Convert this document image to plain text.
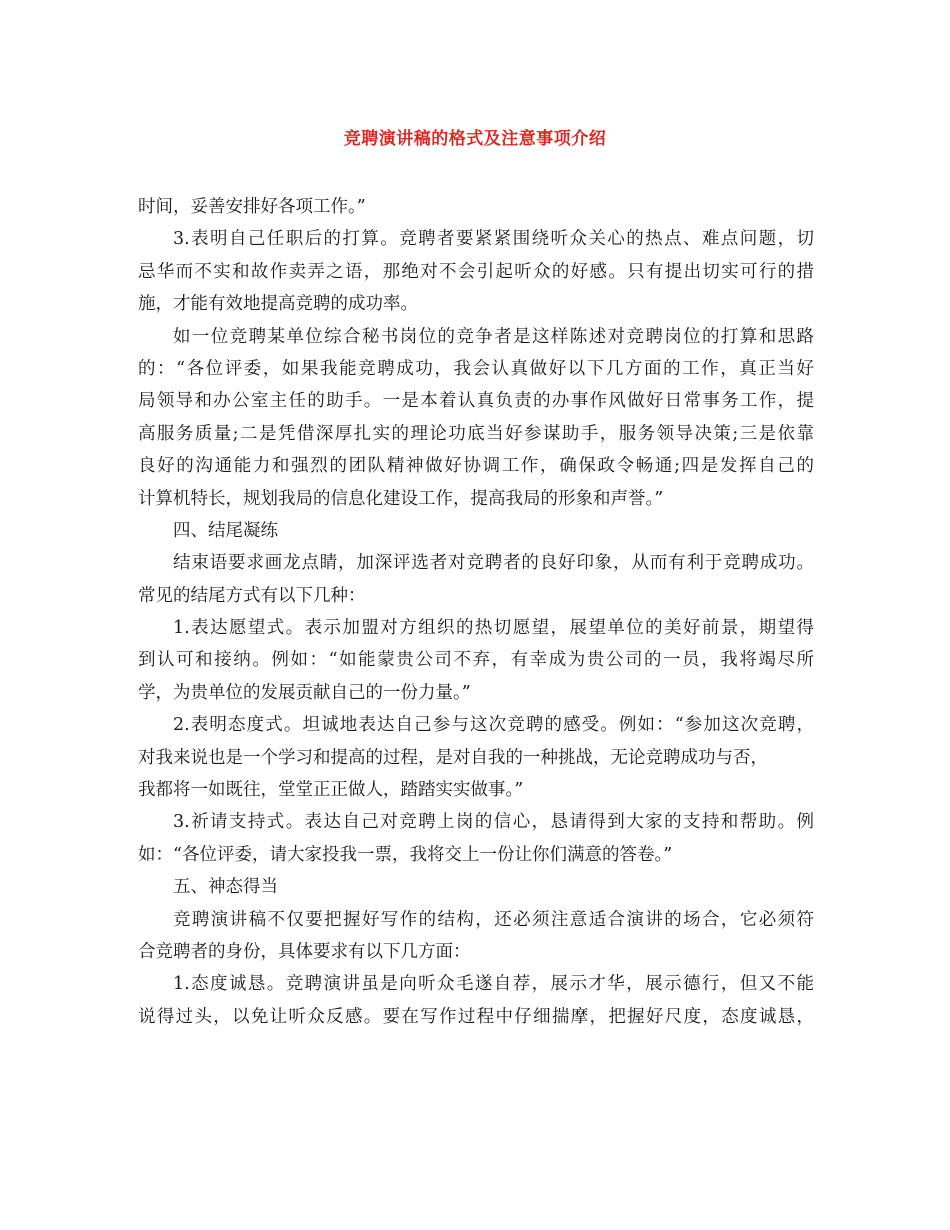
竞聘演讲稿的格式及注意事项介绍
时间，妥善安排好各项工作。”
3.表明自己任职后的打算。竞聘者要紧紧围绕听众关心的热点、难点问题，切
忌华而不实和故作卖弄之语，那绝对不会引起听众的好感。只有提出切实可行的措
施，才能有效地提高竞聘的成功率。
如一位竞聘某单位综合秘书岗位的竞争者是这样陈述对竞聘岗位的打算和思路
的：“各位评委，如果我能竞聘成功，我会认真做好以下几方面的工作，真正当好
局领导和办公室主任的助手。一是本着认真负责的办事作风做好日常事务工作，提
高服务质量;二是凭借深厚扎实的理论功底当好参谋助手，服务领导决策;三是依靠
良好的沟通能力和强烈的团队精神做好协调工作，确保政令畅通;四是发挥自己的
计算机特长，规划我局的信息化建设工作，提高我局的形象和声誉。”
四、结尾凝练
结束语要求画龙点睛，加深评选者对竞聘者的良好印象，从而有利于竞聘成功。
常见的结尾方式有以下几种：
1.表达愿望式。表示加盟对方组织的热切愿望，展望单位的美好前景，期望得
到认可和接纳。例如：“如能蒙贵公司不弃，有幸成为贵公司的一员，我将竭尽所
学，为贵单位的发展贡献自己的一份力量。”
2.表明态度式。坦诚地表达自己参与这次竞聘的感受。例如：“参加这次竞聘，
对我来说也是一个学习和提高的过程，是对自我的一种挑战，无论竞聘成功与否，
我都将一如既往，堂堂正正做人，踏踏实实做事。”
3.祈请支持式。表达自己对竞聘上岗的信心，恳请得到大家的支持和帮助。例
如：“各位评委，请大家投我一票，我将交上一份让你们满意的答卷。”
五、神态得当
竞聘演讲稿不仅要把握好写作的结构，还必须注意适合演讲的场合，它必须符
合竞聘者的身份，具体要求有以下几方面：
1.态度诚恳。竞聘演讲虽是向听众毛遂自荐，展示才华，展示德行，但又不能
说得过头，以免让听众反感。要在写作过程中仔细揣摩，把握好尺度，态度诚恳，
